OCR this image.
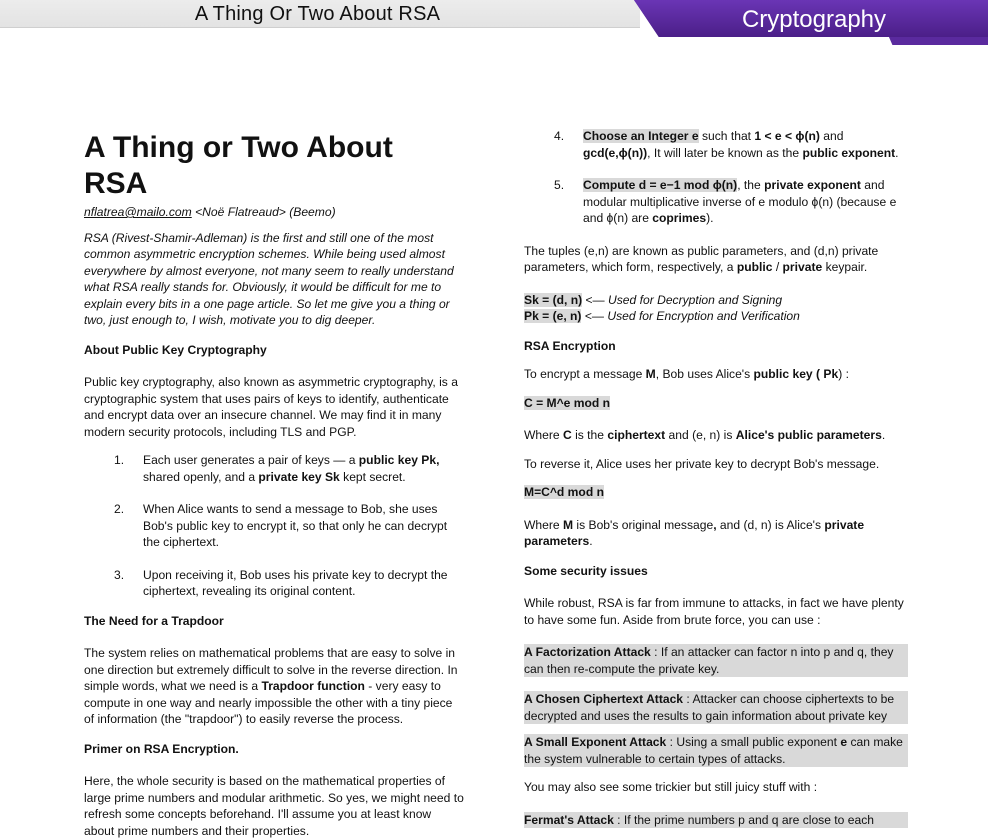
A Thing Or Two About RSA	Cryptography
A Thing or Two About RSA
nflatrea@mailo.com <Noë Flatreaud> (Beemo)
RSA (Rivest-Shamir-Adleman) is the first and still one of the most common asymmetric encryption schemes. While being used almost everywhere by almost everyone, not many seem to really understand what RSA really stands for. Obviously, it would be difficult for me to explain every bits in a one page article. So let me give you a thing or two, just enough to, I wish, motivate you to dig deeper.
About Public Key Cryptography
Public key cryptography, also known as asymmetric cryptography, is a cryptographic system that uses pairs of keys to identify, authenticate and encrypt data over an insecure channel. We may find it in many modern security protocols, including TLS and PGP.
1. Each user generates a pair of keys — a public key Pk, shared openly, and a private key Sk kept secret.
2. When Alice wants to send a message to Bob, she uses Bob's public key to encrypt it, so that only he can decrypt the ciphertext.
3. Upon receiving it, Bob uses his private key to decrypt the ciphertext, revealing its original content.
The Need for a Trapdoor
The system relies on mathematical problems that are easy to solve in one direction but extremely difficult to solve in the reverse direction. In simple words, what we need is a Trapdoor function - very easy to compute in one way and nearly impossible the other with a tiny piece of information (the "trapdoor") to easily reverse the process.
Primer on RSA Encryption.
Here, the whole security is based on the mathematical properties of large prime numbers and modular arithmetic. So yes, we might need to refresh some concepts beforehand. I'll assume you at least know about prime numbers and their properties.
4. Choose an Integer e such that 1 < e < ϕ(n) and gcd(e,ϕ(n)), It will later be known as the public exponent.
5. Compute d = e−1 mod ϕ(n), the private exponent and modular multiplicative inverse of e modulo ϕ(n) (because e and ϕ(n) are coprimes).
The tuples (e,n) are known as public parameters, and (d,n) private parameters, which form, respectively, a public / private keypair.
Sk = (d, n) <— Used for Decryption and Signing
Pk = (e, n) <— Used for Encryption and Verification
RSA Encryption
To encrypt a message M, Bob uses Alice's public key ( Pk) :
C = M^e mod n
Where C is the ciphertext and (e, n) is Alice's public parameters.
To reverse it, Alice uses her private key to decrypt Bob's message.
M=C^d mod n
Where M is Bob's original message, and (d, n) is Alice's private parameters.
Some security issues
While robust, RSA is far from immune to attacks, in fact we have plenty to have some fun. Aside from brute force, you can use :
A Factorization Attack : If an attacker can factor n into p and q, they can then re-compute the private key.
A Chosen Ciphertext Attack : Attacker can choose ciphertexts to be decrypted and uses the results to gain information about private key
A Small Exponent Attack : Using a small public exponent e can make the system vulnerable to certain types of attacks.
You may also see some trickier but still juicy stuff with :
Fermat's Attack : If the prime numbers p and q are close to each
